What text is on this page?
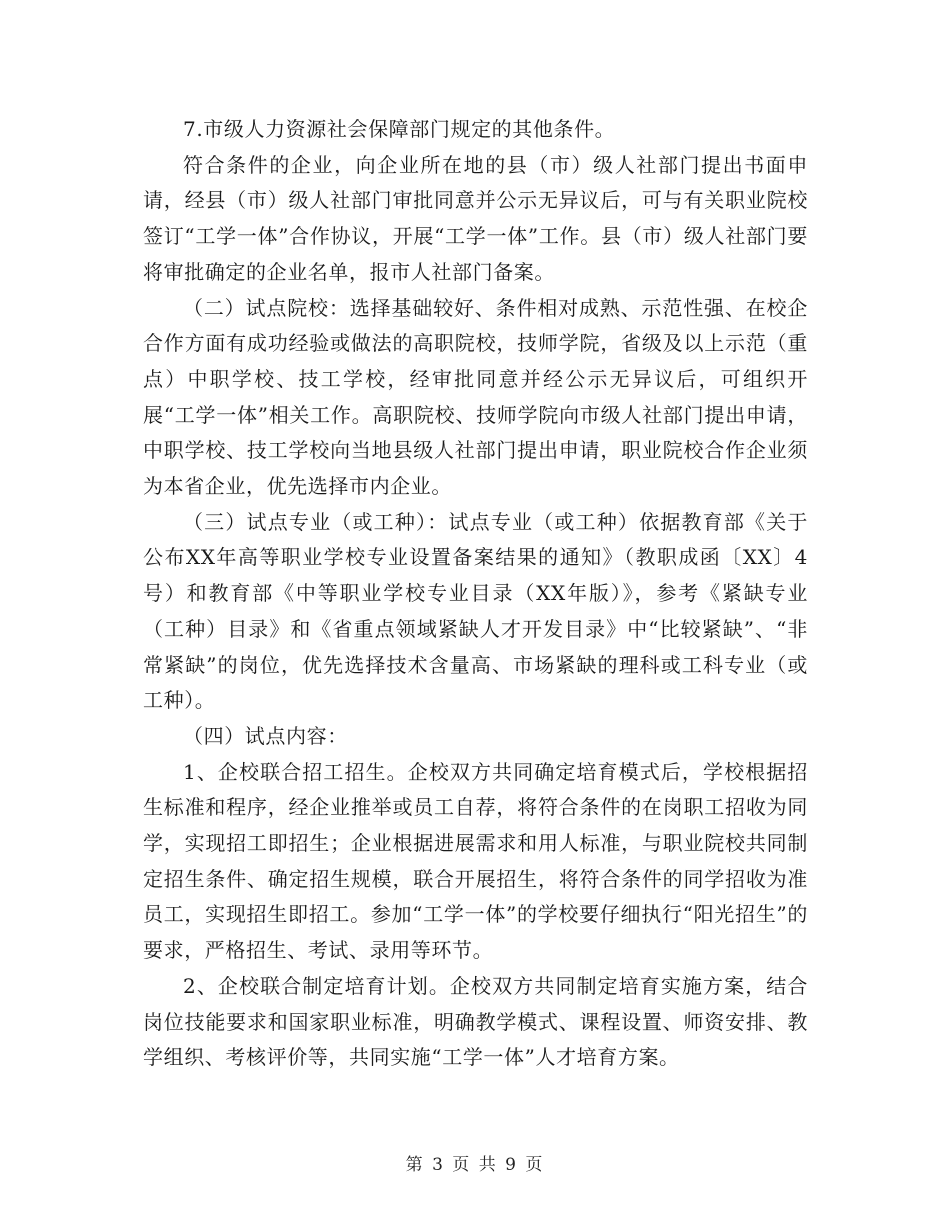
7.市级人力资源社会保障部门规定的其他条件。

符合条件的企业，向企业所在地的县（市）级人社部门提出书面申请，经县（市）级人社部门审批同意并公示无异议后，可与有关职业院校签订“工学一体”合作协议，开展“工学一体”工作。县（市）级人社部门要将审批确定的企业名单，报市人社部门备案。

（二）试点院校：选择基础较好、条件相对成熟、示范性强、在校企合作方面有成功经验或做法的高职院校，技师学院，省级及以上示范（重点）中职学校、技工学校，经审批同意并经公示无异议后，可组织开展“工学一体”相关工作。高职院校、技师学院向市级人社部门提出申请，中职学校、技工学校向当地县级人社部门提出申请，职业院校合作企业须为本省企业，优先选择市内企业。

（三）试点专业（或工种）：试点专业（或工种）依据教育部《关于公布XX年高等职业学校专业设置备案结果的通知》（教职成函〔XX〕4号）和教育部《中等职业学校专业目录（XX年版）》，参考《紧缺专业（工种）目录》和《省重点领域紧缺人才开发目录》中“比较紧缺”、“非常紧缺”的岗位，优先选择技术含量高、市场紧缺的理科或工科专业（或工种）。

（四）试点内容：

1、企校联合招工招生。企校双方共同确定培育模式后，学校根据招生标准和程序，经企业推举或员工自荐，将符合条件的在岗职工招收为同学，实现招工即招生；企业根据进展需求和用人标准，与职业院校共同制定招生条件、确定招生规模，联合开展招生，将符合条件的同学招收为准员工，实现招生即招工。参加“工学一体”的学校要仔细执行“阳光招生”的要求，严格招生、考试、录用等环节。

2、企校联合制定培育计划。企校双方共同制定培育实施方案，结合岗位技能要求和国家职业标准，明确教学模式、课程设置、师资安排、教学组织、考核评价等，共同实施“工学一体”人才培育方案。

第 3 页 共 9 页
